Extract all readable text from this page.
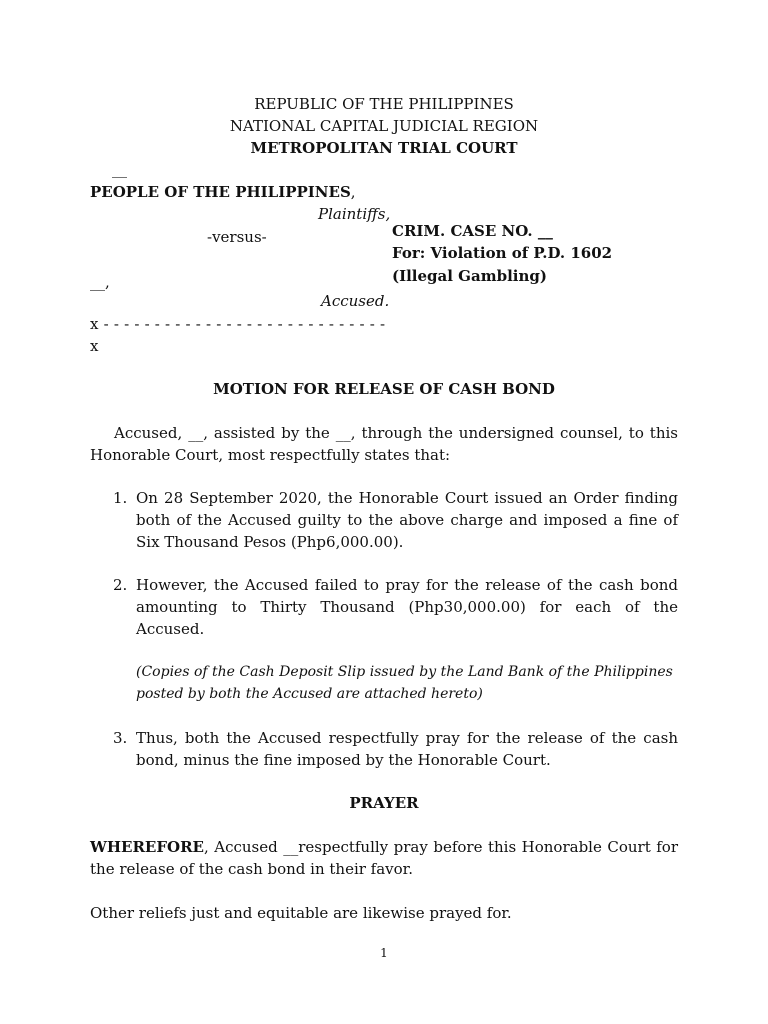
REPUBLIC OF THE PHILIPPINES
NATIONAL CAPITAL JUDICIAL REGION
METROPOLITAN TRIAL COURT
__
PEOPLE OF THE PHILIPPINES,
Plaintiffs,
-versus-
__,
Accused.
x - - - - - - - - - - - - - - - - - - - - - - - - - - - -
x
CRIM. CASE NO. __
For: Violation of P.D. 1602
(Illegal Gambling)
MOTION FOR RELEASE OF CASH BOND
Accused, __, assisted by the __, through the undersigned counsel, to this Honorable Court, most respectfully states that:
1. On 28 September 2020, the Honorable Court issued an Order finding both of the Accused guilty to the above charge and imposed a fine of Six Thousand Pesos (Php6,000.00).
2. However, the Accused failed to pray for the release of the cash bond amounting to Thirty Thousand (Php30,000.00) for each of the Accused.
(Copies of the Cash Deposit Slip issued by the Land Bank of the Philippines posted by both the Accused are attached hereto)
3. Thus, both the Accused respectfully pray for the release of the cash bond, minus the fine imposed by the Honorable Court.
PRAYER
WHEREFORE, Accused __respectfully pray before this Honorable Court for the release of the cash bond in their favor.
Other reliefs just and equitable are likewise prayed for.
1
